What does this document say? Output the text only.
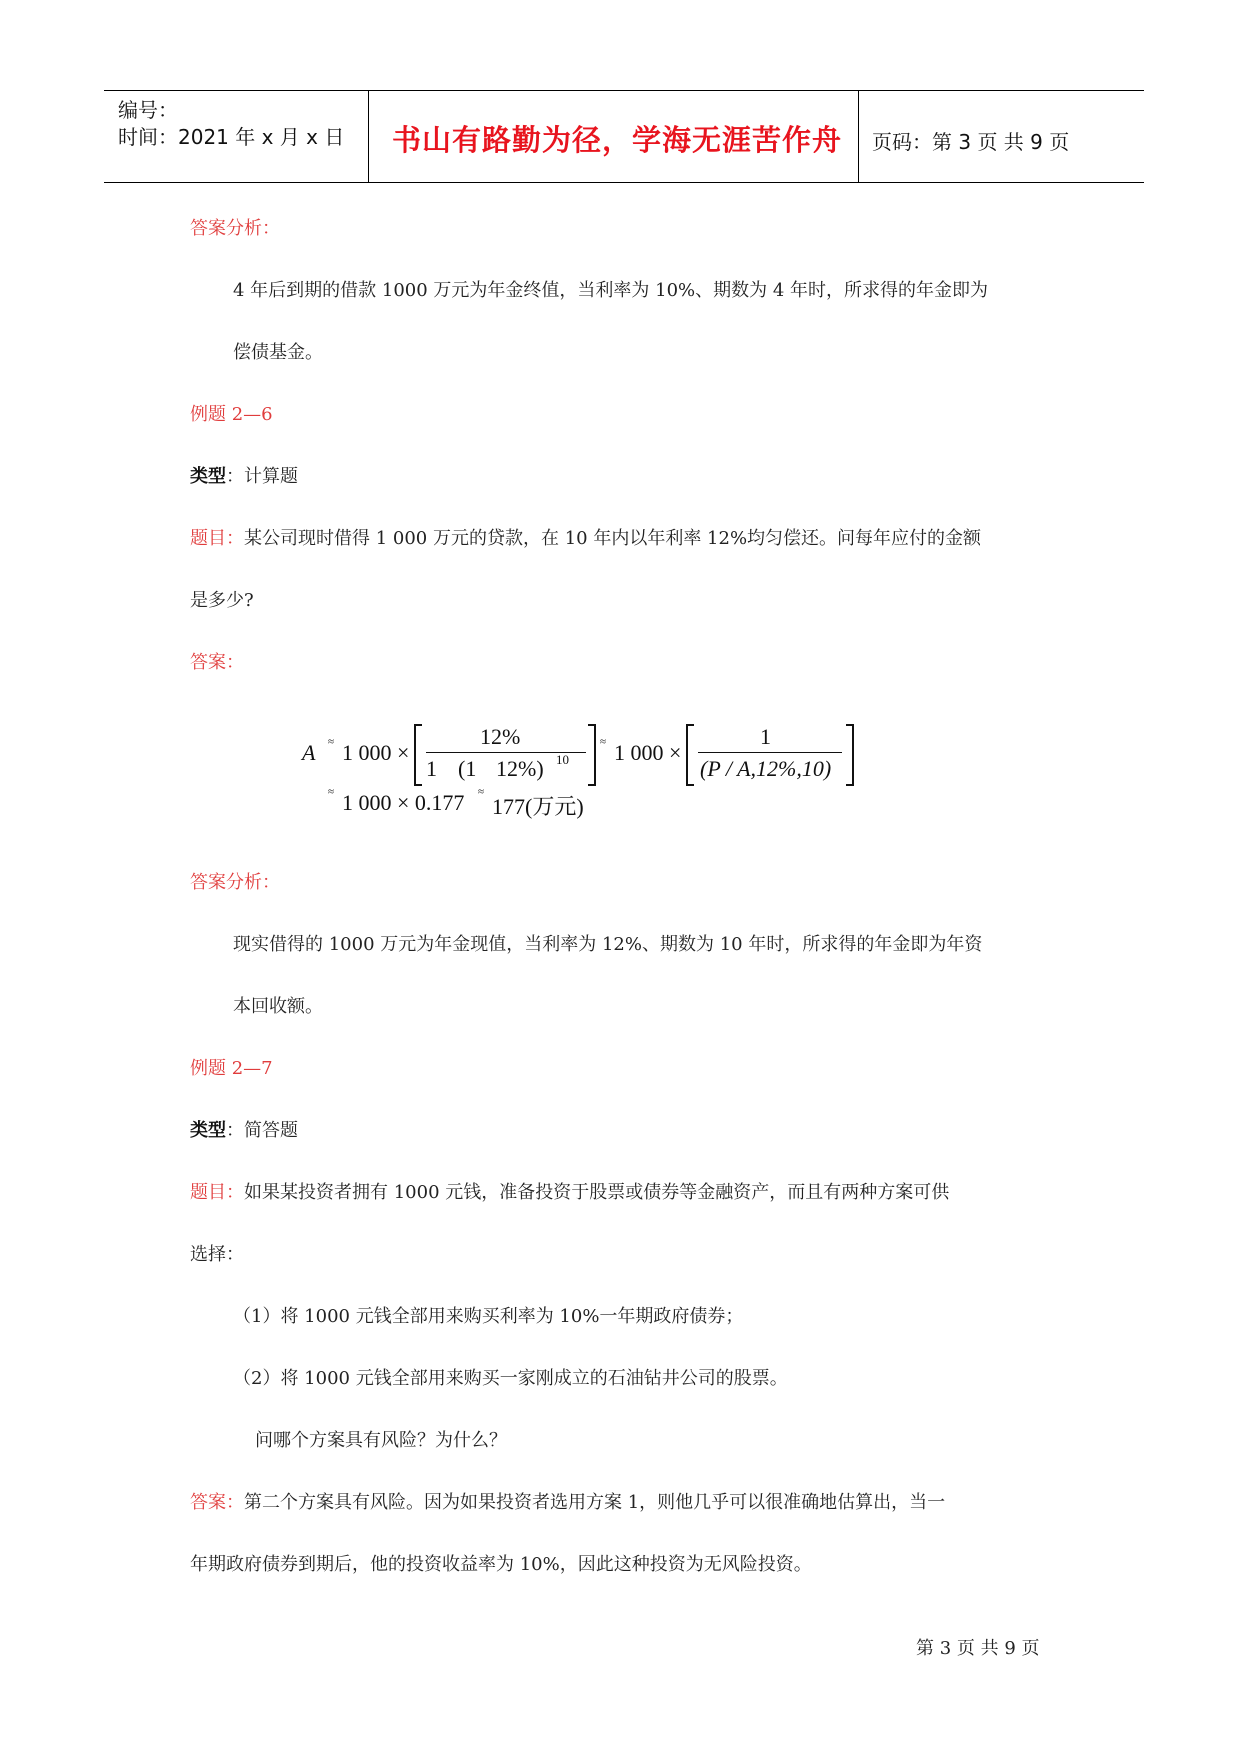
编号：
时间：2021 年 x 月 x 日 书山有路勤为径，学海无涯苦作舟 页码：第 3 页 共 9 页
答案分析：
4 年后到期的借款 1000 万元为年金终值，当利率为 10%、期数为 4 年时，所求得的年金即为
偿债基金。
例题 2—6
类型：计算题
题目：某公司现时借得 1 000 万元的贷款，在 10 年内以年利率 12%均匀偿还。问每年应付的金额
是多少?
答案：
A ≈ 1 000 ×
12%
1 (1 12%) 10
≈ 1 000 ×
1
(P / A,12%,10)
≈ 1 000 × 0.177 ≈
177(万元)
答案分析：
现实借得的 1000 万元为年金现值，当利率为 12%、期数为 10 年时，所求得的年金即为年资
本回收额。
例题 2—7
类型：简答题
题目：如果某投资者拥有 1000 元钱，准备投资于股票或债券等金融资产，而且有两种方案可供
选择：
（1）将 1000 元钱全部用来购买利率为 10%一年期政府债券；
（2）将 1000 元钱全部用来购买一家刚成立的石油钻井公司的股票。
问哪个方案具有风险？为什么？
答案：第二个方案具有风险。因为如果投资者选用方案 1，则他几乎可以很准确地估算出，当一
年期政府债券到期后，他的投资收益率为 10%，因此这种投资为无风险投资。
第 3 页 共 9 页
